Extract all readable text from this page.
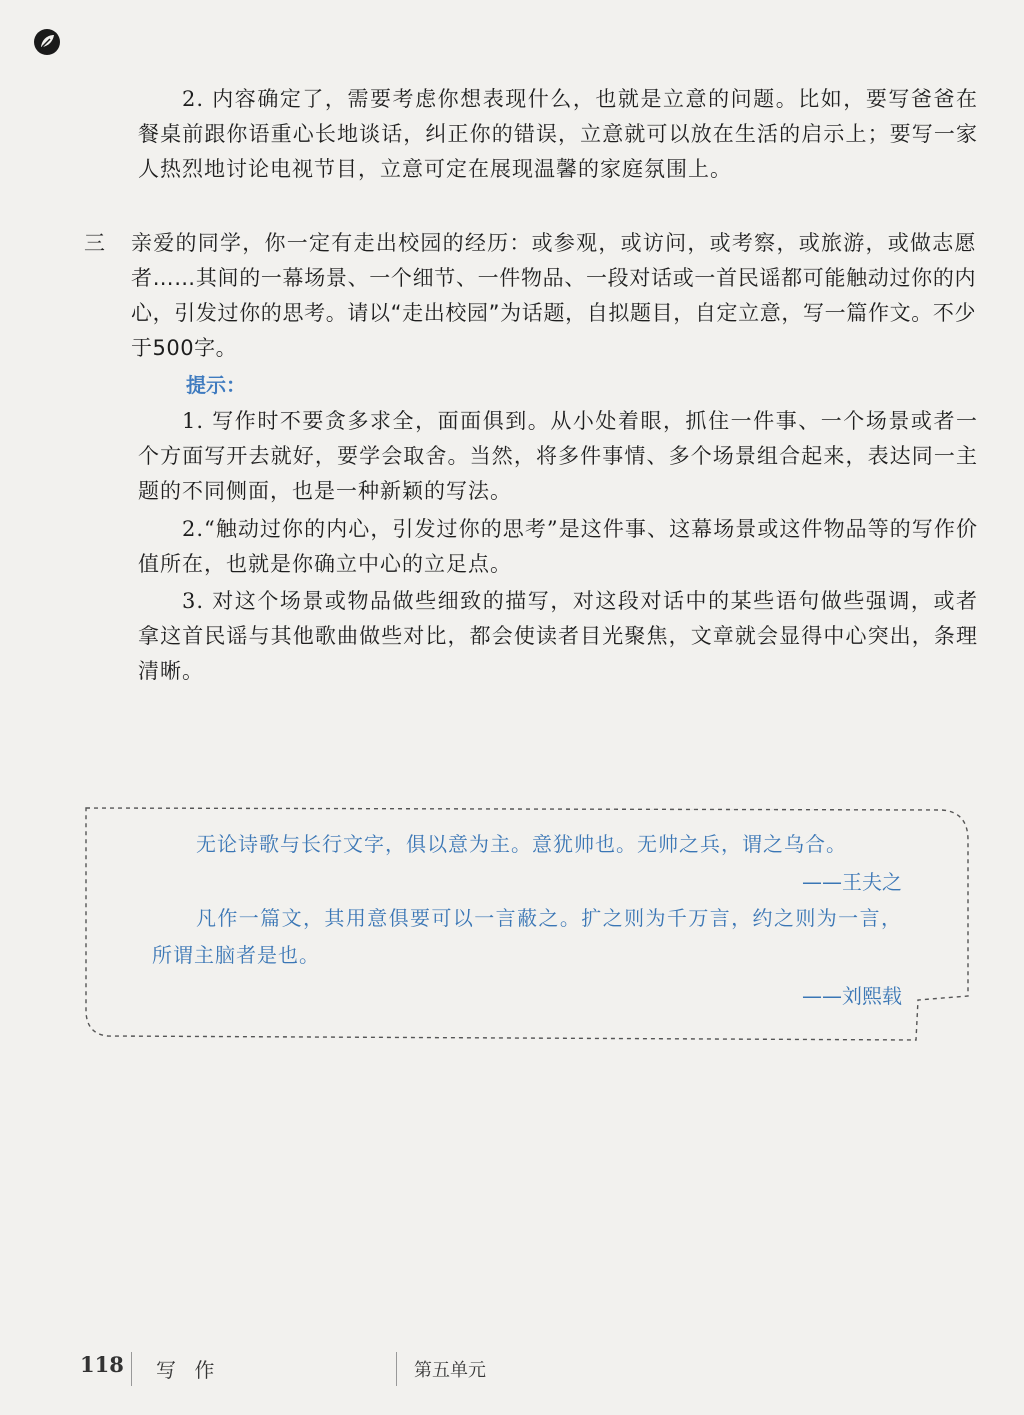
2. 内容确定了，需要考虑你想表现什么，也就是立意的问题。比如，要写爸爸在餐桌前跟你语重心长地谈话，纠正你的错误，立意就可以放在生活的启示上；要写一家人热烈地讨论电视节目，立意可定在展现温馨的家庭氛围上。

三 亲爱的同学，你一定有走出校园的经历：或参观，或访问，或考察，或旅游，或做志愿者……其间的一幕场景、一个细节、一件物品、一段对话或一首民谣都可能触动过你的内心，引发过你的思考。请以“走出校园”为话题，自拟题目，自定立意，写一篇作文。不少于500字。

提示：

1. 写作时不要贪多求全，面面俱到。从小处着眼，抓住一件事、一个场景或者一个方面写开去就好，要学会取舍。当然，将多件事情、多个场景组合起来，表达同一主题的不同侧面，也是一种新颖的写法。

2.“触动过你的内心，引发过你的思考”是这件事、这幕场景或这件物品等的写作价值所在，也就是你确立中心的立足点。

3. 对这个场景或物品做些细致的描写，对这段对话中的某些语句做些强调，或者拿这首民谣与其他歌曲做些对比，都会使读者目光聚焦，文章就会显得中心突出，条理清晰。

无论诗歌与长行文字，俱以意为主。意犹帅也。无帅之兵，谓之乌合。

——王夫之

凡作一篇文，其用意俱要可以一言蔽之。扩之则为千万言，约之则为一言，所谓主脑者是也。

——刘熙载
118 写 作	第五单元
